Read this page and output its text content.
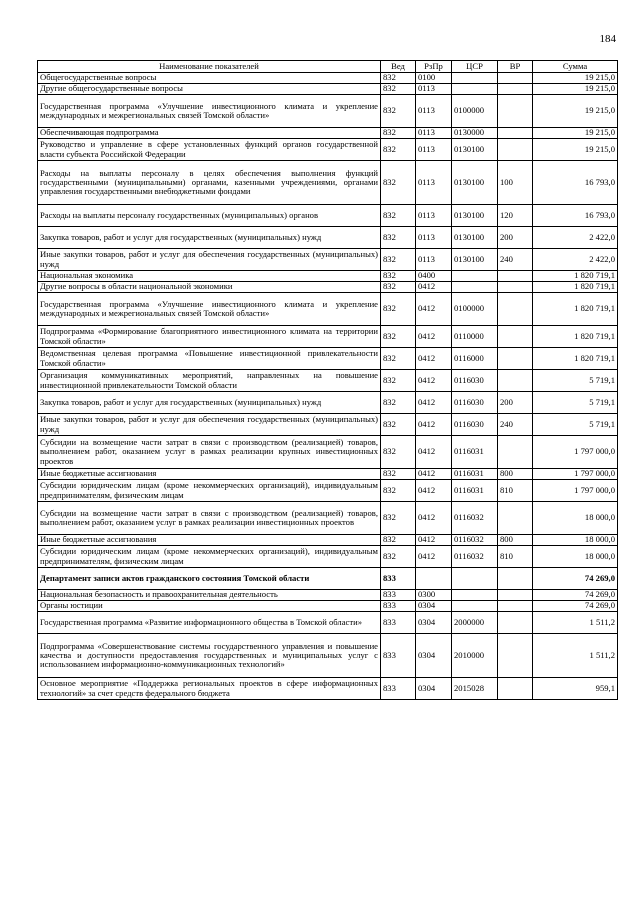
184
Наименование показателей	Вед	РзПр	ЦСР	ВР	Сумма
Общегосударственные вопросы	832	0100			19 215,0
Другие общегосударственные вопросы	832	0113			19 215,0
Государственная программа «Улучшение инвестиционного климата и укрепление международных и межрегиональных связей Томской области»	832	0113	0100000		19 215,0
Обеспечивающая подпрограмма	832	0113	0130000		19 215,0
Руководство и управление в сфере установленных функций органов государственной власти субъекта Российской Федерации	832	0113	0130100		19 215,0
Расходы на выплаты персоналу в целях обеспечения выполнения функций государственными (муниципальными) органами, казенными учреждениями, органами управления государственными внебюджетными фондами	832	0113	0130100	100	16 793,0
Расходы на выплаты персоналу государственных (муниципальных) органов	832	0113	0130100	120	16 793,0
Закупка товаров, работ и услуг для государственных (муниципальных) нужд	832	0113	0130100	200	2 422,0
Иные закупки товаров, работ и услуг для обеспечения государственных (муниципальных) нужд	832	0113	0130100	240	2 422,0
Национальная экономика	832	0400			1 820 719,1
Другие вопросы в области национальной экономики	832	0412			1 820 719,1
Государственная программа «Улучшение инвестиционного климата и укрепление международных и межрегиональных связей Томской области»	832	0412	0100000		1 820 719,1
Подпрограмма «Формирование благоприятного инвестиционного климата на территории Томской области»	832	0412	0110000		1 820 719,1
Ведомственная целевая программа «Повышение инвестиционной привлекательности Томской области»	832	0412	0116000		1 820 719,1
Организация коммуникативных мероприятий, направленных на повышение инвестиционной привлекательности Томской области	832	0412	0116030		5 719,1
Закупка товаров, работ и услуг для государственных (муниципальных) нужд	832	0412	0116030	200	5 719,1
Иные закупки товаров, работ и услуг для обеспечения государственных (муниципальных) нужд	832	0412	0116030	240	5 719,1
Субсидии на возмещение части затрат в связи с производством (реализацией) товаров, выполнением работ, оказанием услуг в рамках реализации крупных инвестиционных проектов	832	0412	0116031		1 797 000,0
Иные бюджетные ассигнования	832	0412	0116031	800	1 797 000,0
Субсидии юридическим лицам (кроме некоммерческих организаций), индивидуальным предпринимателям, физическим лицам	832	0412	0116031	810	1 797 000,0
Субсидии на возмещение части затрат в связи с производством (реализацией) товаров, выполнением работ, оказанием услуг в рамках реализации инвестиционных проектов	832	0412	0116032		18 000,0
Иные бюджетные ассигнования	832	0412	0116032	800	18 000,0
Субсидии юридическим лицам (кроме некоммерческих организаций), индивидуальным предпринимателям, физическим лицам	832	0412	0116032	810	18 000,0
Департамент записи актов гражданского состояния Томской области	833				74 269,0
Национальная безопасность и правоохранительная деятельность	833	0300			74 269,0
Органы юстиции	833	0304			74 269,0
Государственная программа «Развитие информационного общества в Томской области»	833	0304	2000000		1 511,2
Подпрограмма «Совершенствование системы государственного управления и повышение качества и доступности предоставления государственных и муниципальных услуг с использованием информационно-коммуникационных технологий»	833	0304	2010000		1 511,2
Основное мероприятие «Поддержка региональных проектов в сфере информационных технологий» за счет средств федерального бюджета	833	0304	2015028		959,1
